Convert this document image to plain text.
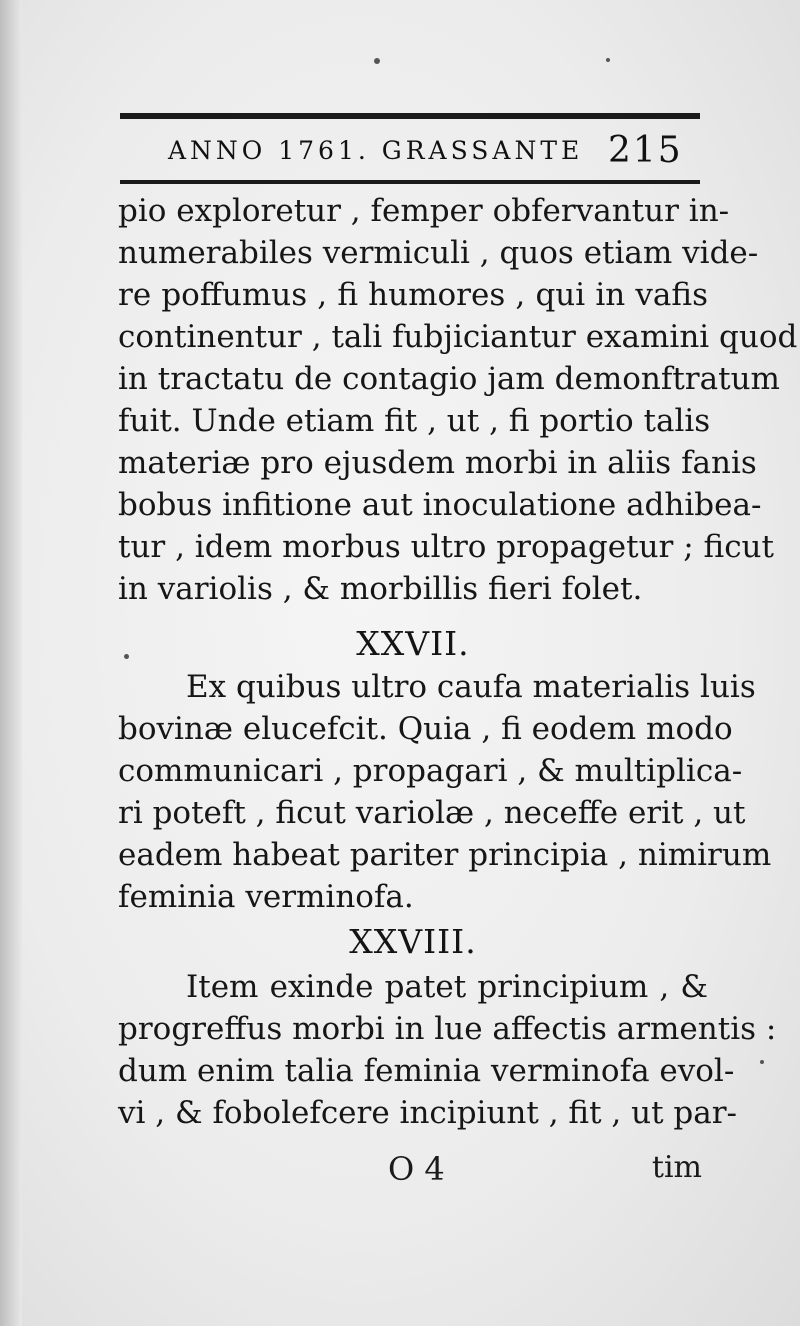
ANNO 1761. GRASSANTE 215
pio exploretur , femper obfervantur in-
numerabiles vermiculi , quos etiam vide-
re poffumus , fi humores , qui in vafis
continentur , tali fubjiciantur examini quod
in tractatu de contagio jam demonftratum
fuit. Unde etiam fit , ut , fi portio talis
materiæ pro ejusdem morbi in aliis fanis
bobus infitione aut inoculatione adhibea-
tur , idem morbus ultro propagetur ; ficut
in variolis , & morbillis fieri folet.
XXVII.
Ex quibus ultro caufa materialis luis
bovinæ elucefcit. Quia , fi eodem modo
communicari , propagari , & multiplica-
ri poteft , ficut variolæ , neceffe erit , ut
eadem habeat pariter principia , nimirum
feminia verminofa.
XXVIII.
Item exinde patet principium , &
progreffus morbi in lue affectis armentis :
dum enim talia feminia verminofa evol-
vi , & fobolefcere incipiunt , fit , ut par-
O 4	tim
